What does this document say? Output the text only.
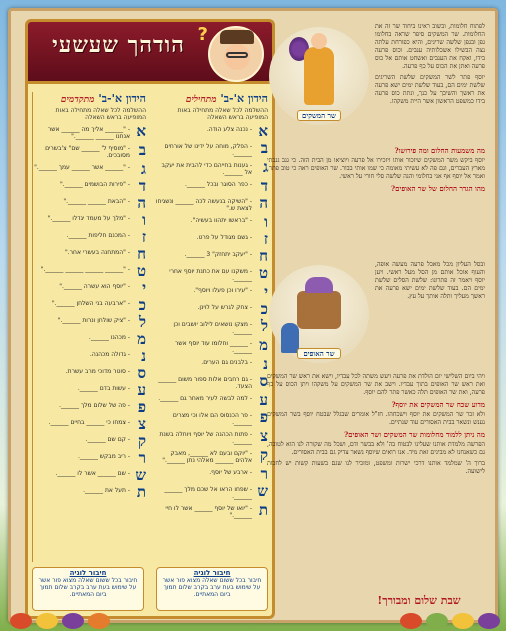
הודהך שעשעי ?
הידון א'-ב' מתחילים
ההשלמה לכל שאלה מתחילה באות המופיעה בראש השאלה
א
- נכנה צלע הודה.
ב
- הפלק, מוחה על ידינו של אורחים ______.
ג
- גענות בחייהם כדי להבית את יעקב אל ______.
ד
- כפר הסוגר ובכל ______.
ה
- "השיקה בנעשה לכה ______ ונשגיחו לצאת ש."
ו
- "בראשו יתהוו בעשיה".
ז
- גשם מגודל על פרט.
ח
- "יעקב יתחזק" 3 ______.
ט
- משקנו עם את כתנת יוסף אחרי ______.
י
- "עירו וכן פעלו ויוסף".
כ
- צחק לגרש על לוינן.
ל
- מצקו נושאים לילוב יושבים וכן ______.
מ
- ______ וחלומו עוד יוסף אשר ______.
נ
- בלבנים גם הערים.
ס
- גם רחבים אלות ספור משום ______ הצעד.
ע
- למה לבשה לעיר מאחר גם ______.
פ
- פר הכנסוס הם אלו וכי מצרים ______.
צ
- פתות הכהנה של יוסף ויוחלה בשנת ______.
ק
- "יוקם ובעם לא ______, מאבק אלהים ______ מאלהי נתן ______."
ר
- ארבע של יוסף.
ש
- שפחו הראו אל שכם מלך ______ ______.
ת
- "יואו של יוסף ______ אשר לו חיי ______."
הידון א'-ב' מתקדמים
ההשלמה לכל שאלה מתחילה באות המופיעה בראש השאלה
א
- "______ אליך מה ______ אשר אנחנו ______ ______."
ב
- "מוסיף ל' ______ שם" צ'בשרים מסובכים.
ג
- "______ אשר ______ עמך ______."
ד
- "פירות הבושמים ______."
ה
- "הבאת ______ ______."
ו
- "מלך על מעמד יגדלו ______."
ז
- המכנם חליפות ______.
ח
- "המתחנה בעשרי אחר."
ט
- "______ ______ ______ ______."
י
- "יוסף הוא עשרה ______."
כ
- "ארבעה בני השלחן ______."
ל
- "ציק שולחן ונרות ______."
מ
- מכהנו ______.
נ
- גדולה מכהנה.
ס
- סוטר מדוכי מרב עשרת.
ע
- עשות בדם ______.
פ
- פה של שלום מלך ______.
צ
- צמחו כי ______ בחיים ______.
ק
- קם שם ______.
ר
- ריב מבקש ______.
ש
- שם ______ אשר לו ______.
ת
- תעל את ______.
חיבור לוגיה
חיבור בכל ששום שאלה מצוא פור אשר על שימוש בעת ערב בקרב שלום תמוך ביום המאתיים.
חיבור לוגיה
חיבור בכל ששום שאלה מצוא פור אשר על שימוש בעת ערב בקרב שלום תמוך ביום המאתיים.
שר המשקים

לפתוח חלומות, ובשוב ראינו ביחוד שר זה את החלומות. שר המשקים סיפר שראה בחלומו גפן ובגפן שלשה שריגים, והיא כפורחת עלתה נצה הבשילו אשכלותיה ענבים. וכוס פרעה בידו, ואקח את הענבים ואשחט אותם אל כוס פרעה ואתן את הכוס על כף פרעה.

יוסף פתר לשר המשקים שלשת השריגים שלשת ימים הם, בעוד שלשת ימים ישא פרעה את ראשך והשיבך על כנך, ונתת כוס פרעה בידו כמשפט הראשון אשר היית משקהו.

מה משמעות החלום ומה פירושו?

יוסף ביקש משר המשקים שיזכור אותו ויזכירו אל פרעה ויוציאו מן הבית הזה. כי גנב גנבתי מארץ העברים, וגם פה לא עשיתי מאומה כי שמו אותי בבור. שר האופים ראה כי טוב פתר, ואמר אל יוסף אף אני בחלומי והנה שלשה סלי חורי על ראשי.

מהו הגדר החלום של שר האופים?
שר האופים

ובסל העליון מכל מאכל פרעה מעשה אופה, והעוף אוכל אותם מן הסל מעל ראשי. ויען יוסף ויאמר זה פתרונו: שלשת הסלים שלשת ימים הם. בעוד שלשת ימים ישא פרעה את ראשך מעליך ותלה אותך על עץ.

ויהי ביום השלישי יום הולדת את פרעה ויעש משתה לכל עבדיו, וישא את ראש שר המשקים ואת ראש שר האופים בתוך עבדיו. וישב את שר המשקים על משקהו ויתן הכוס על כף פרעה, ואת שר האופים תלה כאשר פתר להם יוסף.

מדוע שכח שר המשקים את יוסף?

ולא זכר שר המשקים את יוסף וישכחהו. חז"ל אומרים שבגלל שבטח יוסף בשר המשקים נענש ונשאר בבית האסורים עוד שנתיים.

מה ניתן ללמוד מחלומות שר המשקים ושר האופים?

הפרשה מלמדת אותנו שעלינו לבטוח בה' ולא בבשר ודם, ושכל מה שקורה לנו הוא לטובה, גם כשאנחנו לא מבינים זאת מיד. אנו רואים שיוסף נשאר צדיק גם בבית האסורים.

ברוך ה' שמלמד אותנו דרכי ישרות ומשפט, ומזכיר לנו שגם בשעות קשות יש לחכות לישועה.

שבת שלום ומבורך!
